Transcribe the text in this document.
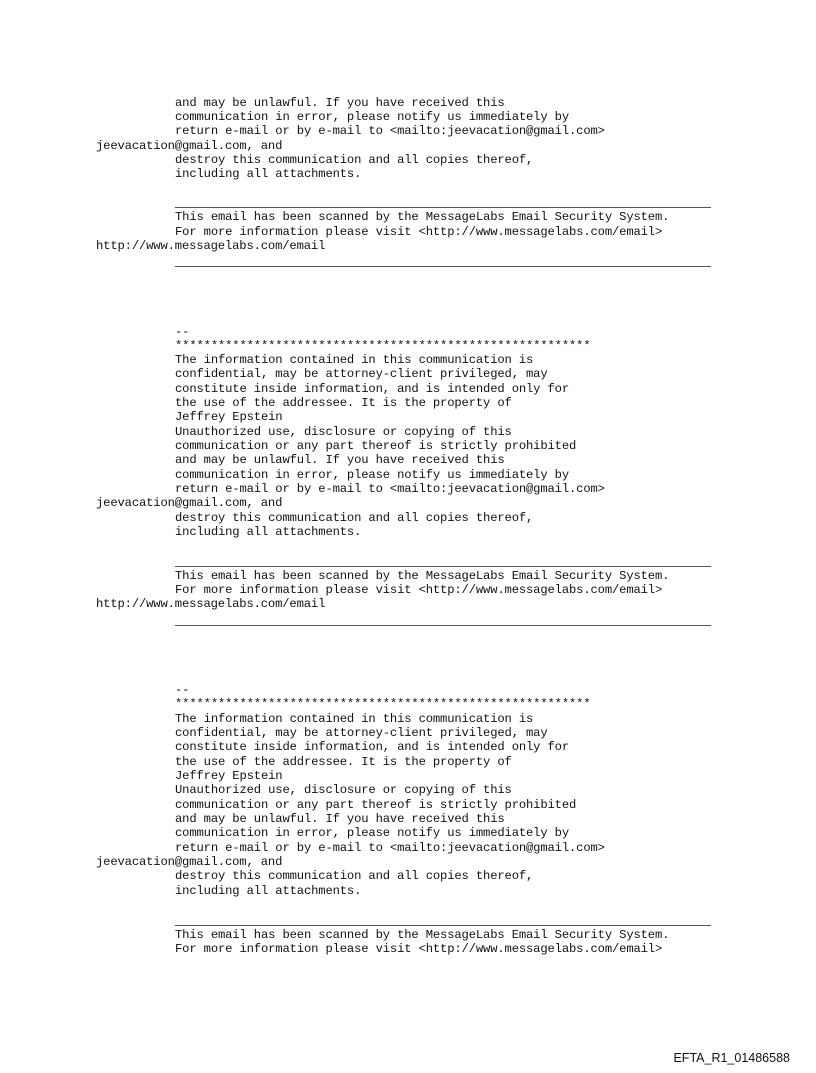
and may be unlawful. If you have received this
communication in error, please notify us immediately by
return e-mail or by e-mail to <mailto:jeevacation@gmail.com>
jeevacation@gmail.com, and
destroy this communication and all copies thereof,
including all attachments.
This email has been scanned by the MessageLabs Email Security System.
For more information please visit <http://www.messagelabs.com/email>
http://www.messagelabs.com/email
--
**********************************************************
The information contained in this communication is
confidential, may be attorney-client privileged, may
constitute inside information, and is intended only for
the use of the addressee. It is the property of
Jeffrey Epstein
Unauthorized use, disclosure or copying of this
communication or any part thereof is strictly prohibited
and may be unlawful. If you have received this
communication in error, please notify us immediately by
return e-mail or by e-mail to <mailto:jeevacation@gmail.com>
jeevacation@gmail.com, and
destroy this communication and all copies thereof,
including all attachments.
This email has been scanned by the MessageLabs Email Security System.
For more information please visit <http://www.messagelabs.com/email>
http://www.messagelabs.com/email
--
**********************************************************
The information contained in this communication is
confidential, may be attorney-client privileged, may
constitute inside information, and is intended only for
the use of the addressee. It is the property of
Jeffrey Epstein
Unauthorized use, disclosure or copying of this
communication or any part thereof is strictly prohibited
and may be unlawful. If you have received this
communication in error, please notify us immediately by
return e-mail or by e-mail to <mailto:jeevacation@gmail.com>
jeevacation@gmail.com, and
destroy this communication and all copies thereof,
including all attachments.
This email has been scanned by the MessageLabs Email Security System.
For more information please visit <http://www.messagelabs.com/email>
EFTA_R1_01486588
